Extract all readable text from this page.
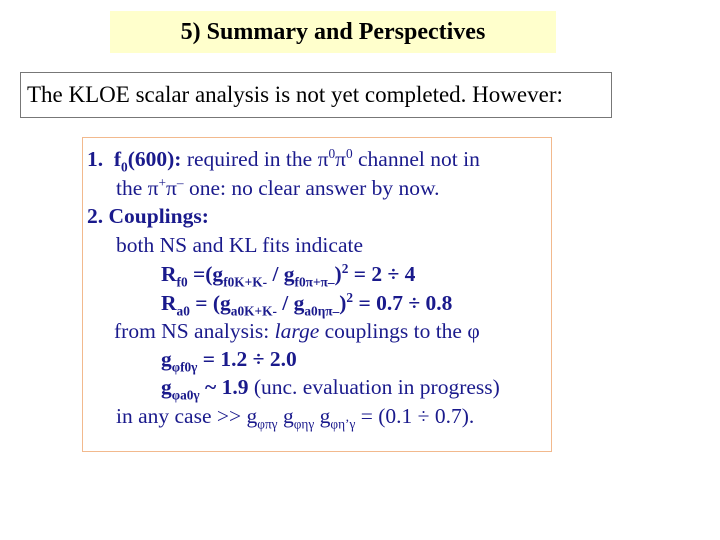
5) Summary and Perspectives
The KLOE scalar analysis is not yet completed. However:
1. $f_0(600)$: required in the $\pi^0\pi^0$ channel not in
the π+π– one: no clear answer by now.
2. Couplings:
both NS and KL fits indicate
$R_{f0} =(g_{f0K+K-} / g_{f0\pi+\pi-})^2 = 2 \div 4$
$R_{a0} = (g_{a0K+K-} / g_{a0\eta\pi-})^2 = 0.7 \div 0.8$
from NS analysis: large couplings to the φ
$g_{\varphi f0\gamma} = 1.2 \div 2.0$
$g_{\varphi a0\gamma}$ ~ 1.9 (unc. evaluation in progress)
in any case >> $g_{\varphi\pi\gamma}$ $g_{\varphi\eta\gamma}$ $g_{\varphi\eta’\gamma} = (0.1 \div 0.7)$.
